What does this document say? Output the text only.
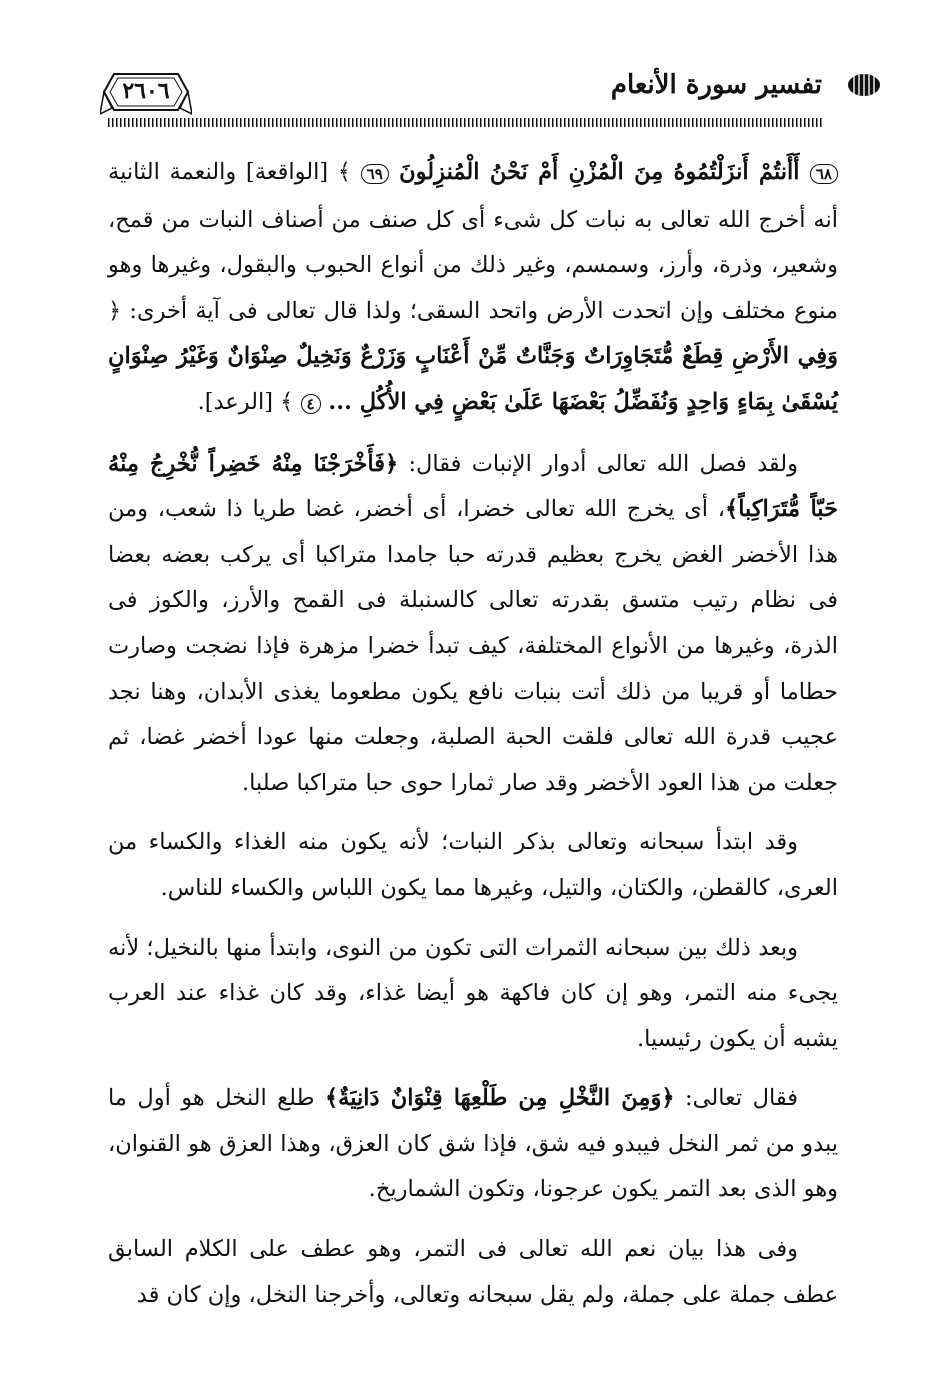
٢٦٠٦	تفسير سورة الأنعام

٦٨ أَأَنتُمْ أَنزَلْتُمُوهُ مِنَ الْمُزْنِ أَمْ نَحْنُ الْمُنزِلُونَ ٦٩ ﴾ [الواقعة] والنعمة الثانية أنه أخرج الله تعالى به نبات كل شىء أى كل صنف من أصناف النبات من قمح، وشعير، وذرة، وأرز، وسمسم، وغير ذلك من أنواع الحبوب والبقول، وغيرها وهو منوع مختلف وإن اتحدت الأرض واتحد السقى؛ ولذا قال تعالى فى آية أخرى: ﴿ وَفِي الأَرْضِ قِطَعٌ مُّتَجَاوِرَاتٌ وَجَنَّاتٌ مِّنْ أَعْنَابٍ وَزَرْعٌ وَنَخِيلٌ صِنْوَانٌ وَغَيْرُ صِنْوَانٍ يُسْقَىٰ بِمَاءٍ وَاحِدٍ وَنُفَضِّلُ بَعْضَهَا عَلَىٰ بَعْضٍ فِي الأُكُلِ ... ٤ ﴾ [الرعد].

ولقد فصل الله تعالى أدوار الإنبات فقال: ﴿فَأَخْرَجْنَا مِنْهُ خَضِراً نُّخْرِجُ مِنْهُ حَبّاً مُّتَرَاكِباً﴾، أى يخرج الله تعالى خضرا، أى أخضر، غضا طريا ذا شعب، ومن هذا الأخضر الغض يخرج بعظيم قدرته حبا جامدا متراكبا أى يركب بعضه بعضا فى نظام رتيب متسق بقدرته تعالى كالسنبلة فى القمح والأرز، والكوز فى الذرة، وغيرها من الأنواع المختلفة، كيف تبدأ خضرا مزهرة فإذا نضجت وصارت حطاما أو قريبا من ذلك أتت بنبات نافع يكون مطعوما يغذى الأبدان، وهنا نجد عجيب قدرة الله تعالى فلقت الحبة الصلبة، وجعلت منها عودا أخضر غضا، ثم جعلت من هذا العود الأخضر وقد صار ثمارا حوى حبا متراكبا صلبا.

وقد ابتدأ سبحانه وتعالى بذكر النبات؛ لأنه يكون منه الغذاء والكساء من العرى، كالقطن، والكتان، والتيل، وغيرها مما يكون اللباس والكساء للناس.

وبعد ذلك بين سبحانه الثمرات التى تكون من النوى، وابتدأ منها بالنخيل؛ لأنه يجىء منه التمر، وهو إن كان فاكهة هو أيضا غذاء، وقد كان غذاء عند العرب يشبه أن يكون رئيسيا.

فقال تعالى: ﴿وَمِنَ النَّخْلِ مِن طَلْعِهَا قِنْوَانٌ دَانِيَةٌ﴾ طلع النخل هو أول ما يبدو من ثمر النخل فيبدو فيه شق، فإذا شق كان العزق، وهذا العزق هو القنوان، وهو الذى بعد التمر يكون عرجونا، وتكون الشماريخ.

وفى هذا بيان نعم الله تعالى فى التمر، وهو عطف على الكلام السابق عطف جملة على جملة، ولم يقل سبحانه وتعالى، وأخرجنا النخل، وإن كان قد
